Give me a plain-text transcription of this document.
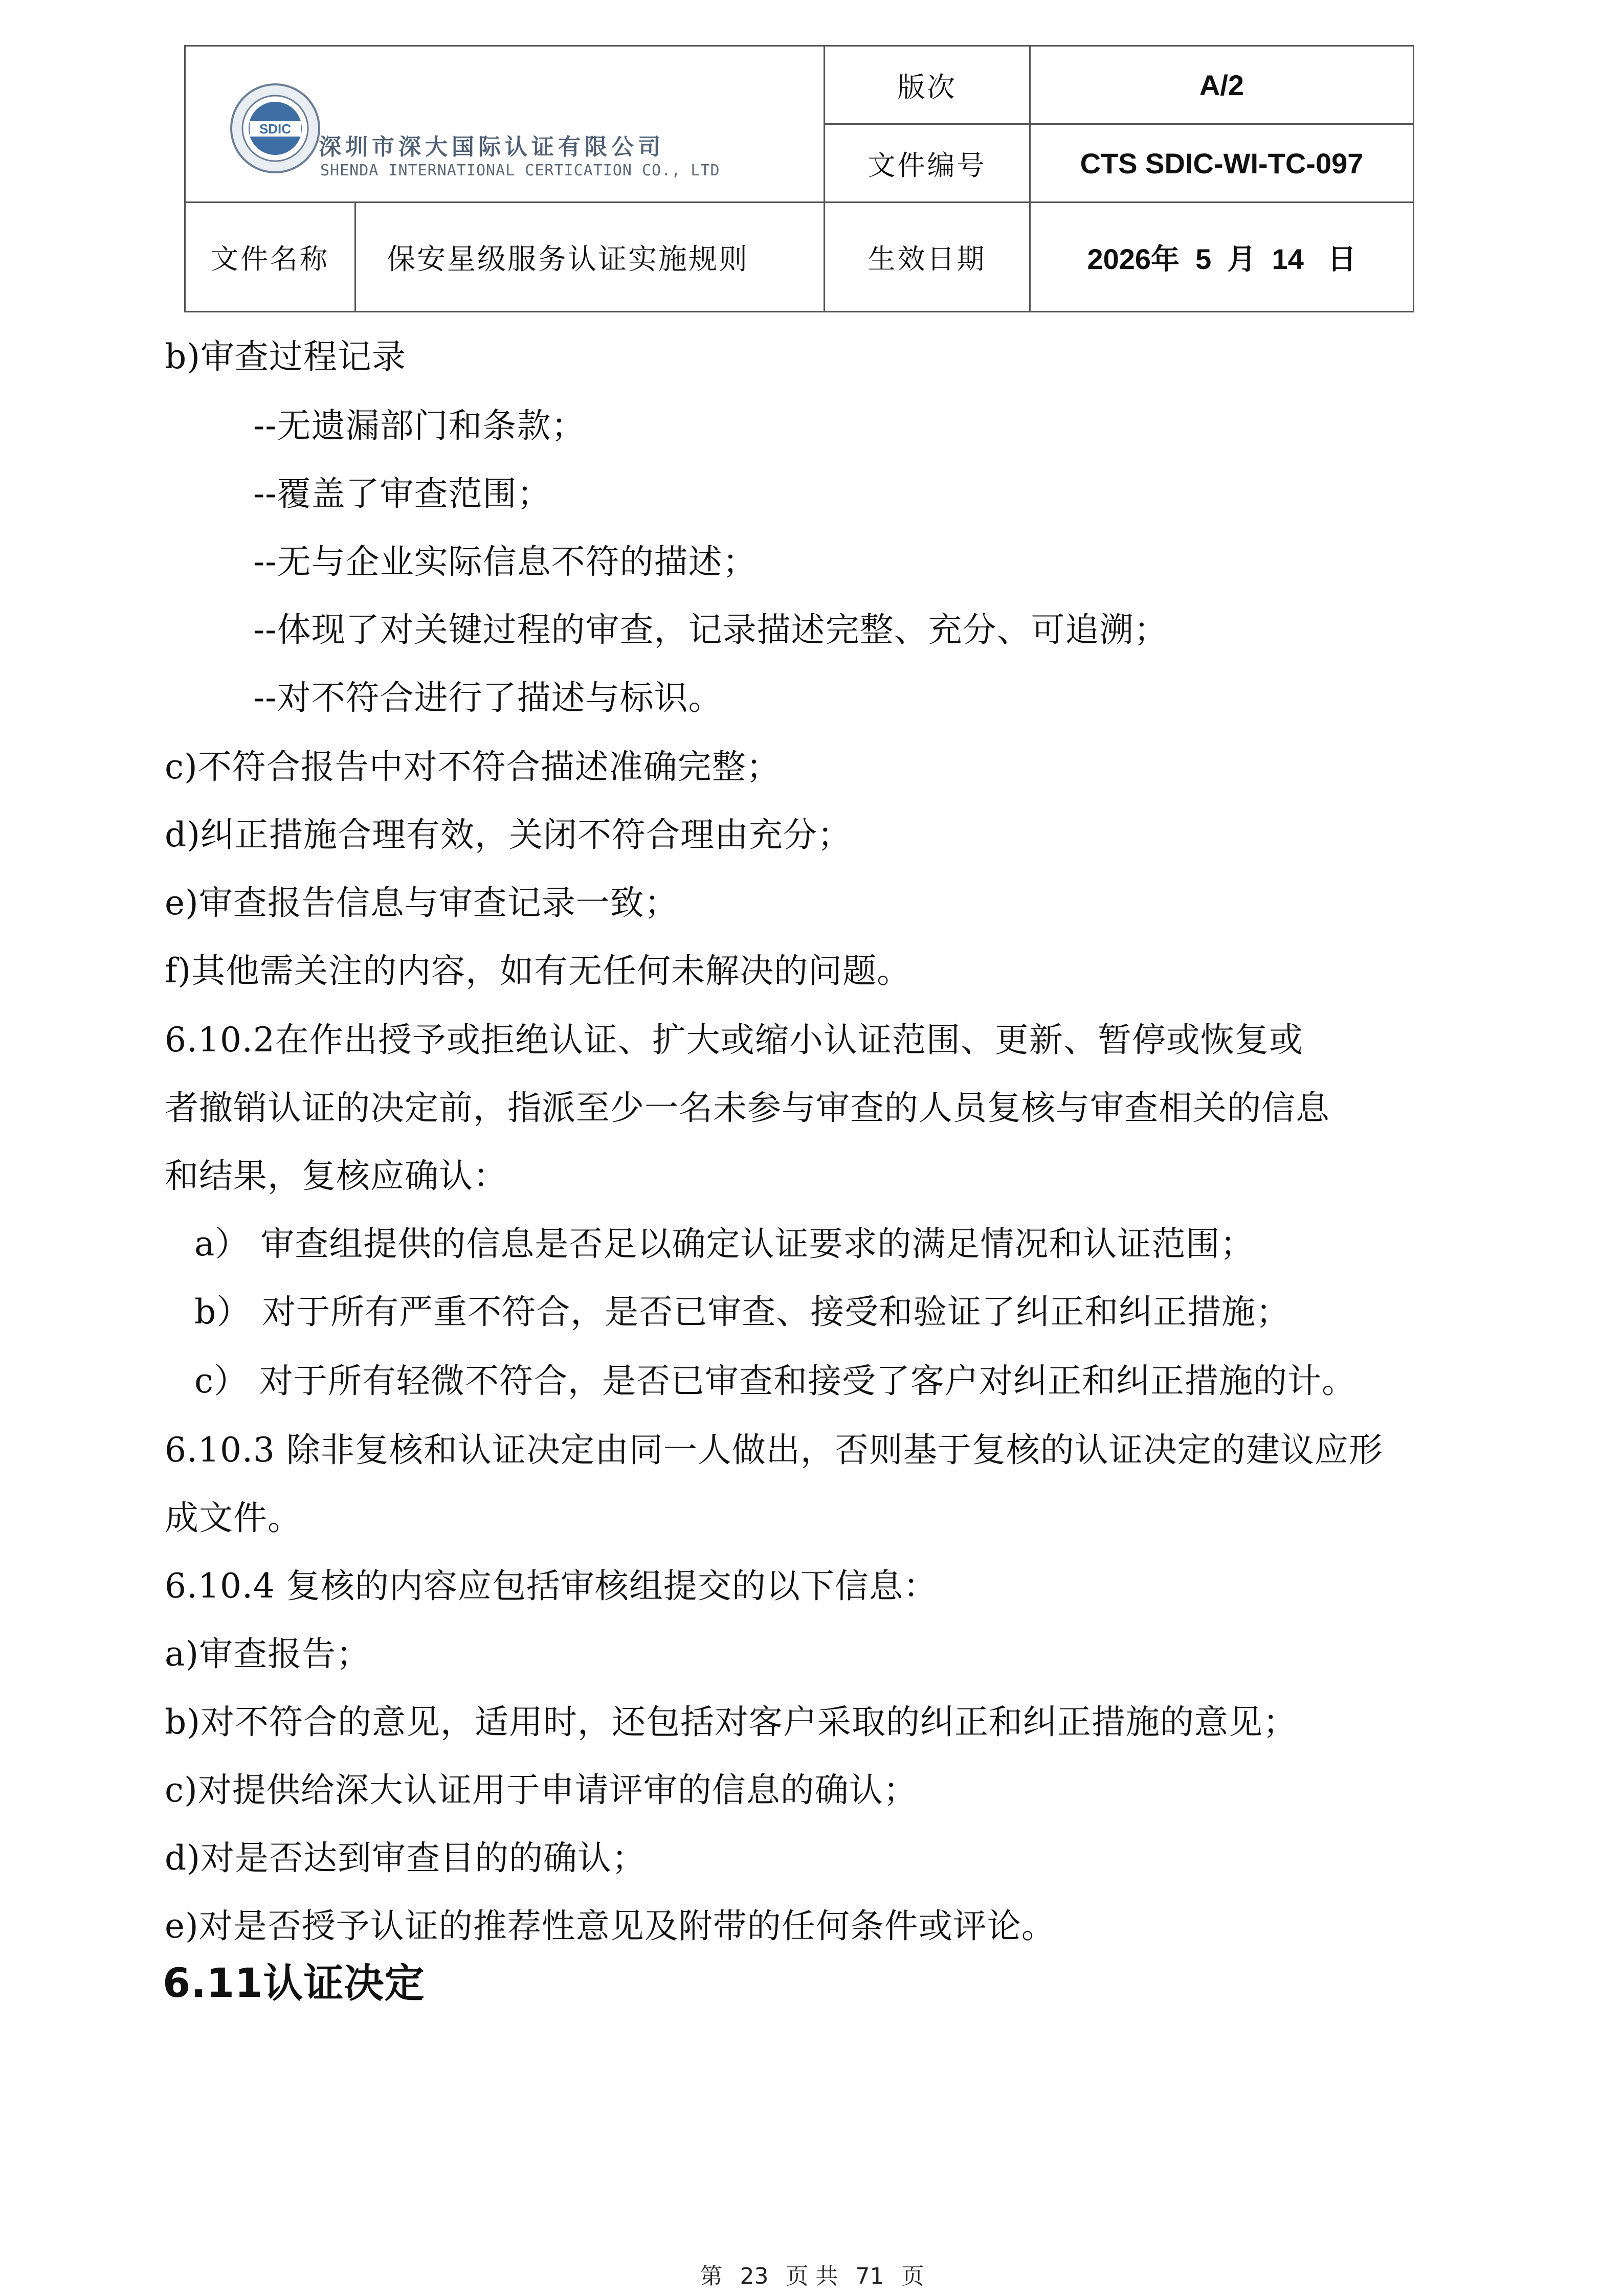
SDIC
深圳市深大国际认证有限公司
SHENDA INTERNATIONAL CERTICATION CO., LTD		版次	A/2
		文件编号	CTS SDIC-WI-TC-097
文件名称	保安星级服务认证实施规则	生效日期	2026年  5  月  14   日
b)审查过程记录
--无遗漏部门和条款；
--覆盖了审查范围；
--无与企业实际信息不符的描述；
--体现了对关键过程的审查，记录描述完整、充分、可追溯；
--对不符合进行了描述与标识。
c)不符合报告中对不符合描述准确完整；
d)纠正措施合理有效，关闭不符合理由充分；
e)审查报告信息与审查记录一致；
f)其他需关注的内容，如有无任何未解决的问题。
6.10.2在作出授予或拒绝认证、扩大或缩小认证范围、更新、暂停或恢复或
者撤销认证的决定前，指派至少一名未参与审查的人员复核与审查相关的信息
和结果，复核应确认：
a） 审查组提供的信息是否足以确定认证要求的满足情况和认证范围；
b） 对于所有严重不符合，是否已审查、接受和验证了纠正和纠正措施；
c） 对于所有轻微不符合，是否已审查和接受了客户对纠正和纠正措施的计。
6.10.3 除非复核和认证决定由同一人做出，否则基于复核的认证决定的建议应形
成文件。
6.10.4 复核的内容应包括审核组提交的以下信息：
a)审查报告；
b)对不符合的意见，适用时，还包括对客户采取的纠正和纠正措施的意见；
c)对提供给深大认证用于申请评审的信息的确认；
d)对是否达到审查目的的确认；
e)对是否授予认证的推荐性意见及附带的任何条件或评论。
6.11认证决定
第 23 页 共 71 页
